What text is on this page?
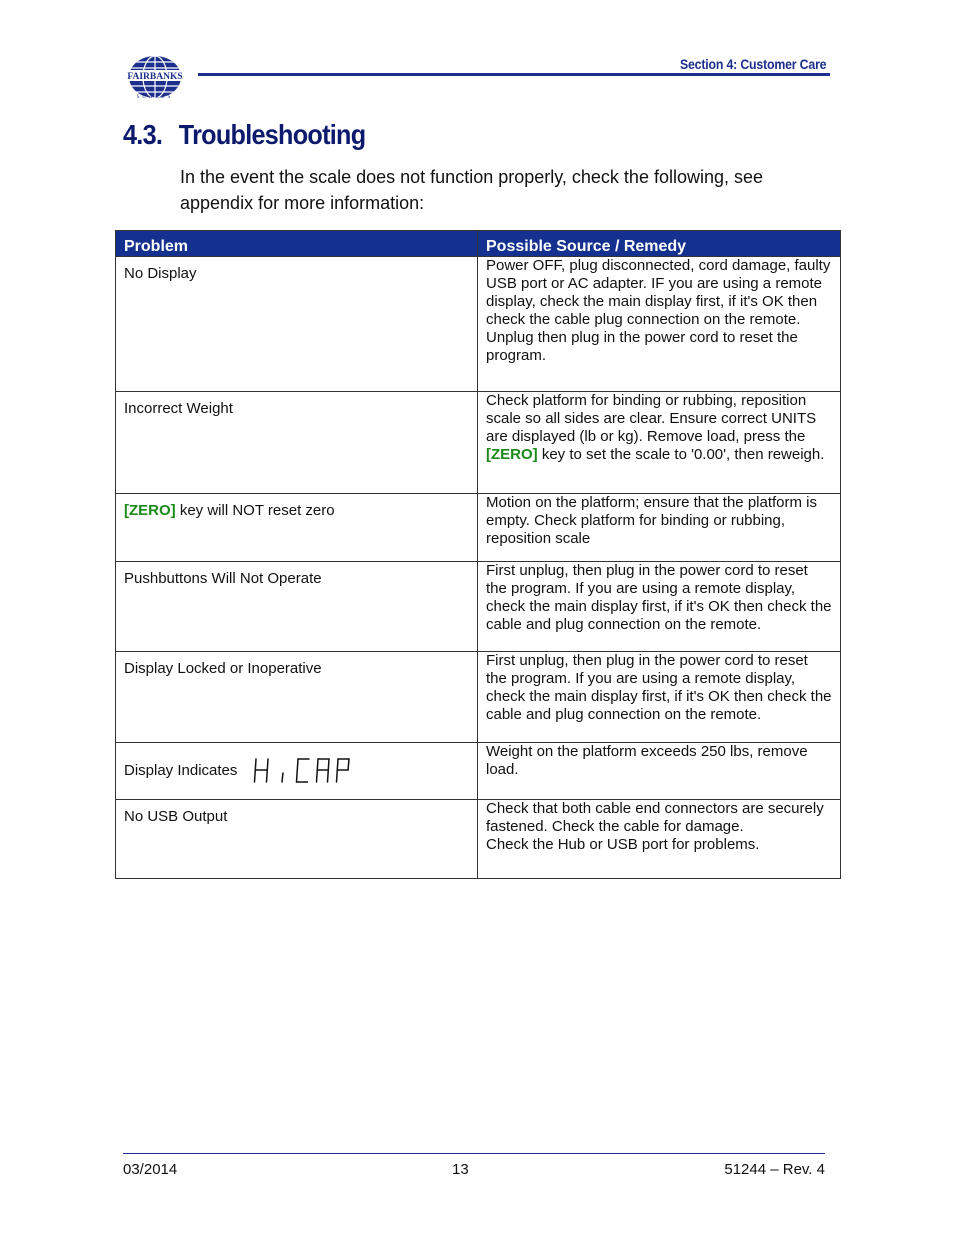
FAIRBANKS
SCALES
Section 4: Customer Care
4.3. Troubleshooting
In the event the scale does not function properly, check the following, see appendix for more information:
Problem	Possible Source / Remedy
No Display	Power OFF, plug disconnected, cord damage, faulty USB port or AC adapter. IF you are using a remote display, check the main display first, if it's OK then check the cable plug connection on the remote.
Unplug then plug in the power cord to reset the program.

Incorrect Weight	Check platform for binding or rubbing, reposition scale so all sides are clear. Ensure correct UNITS are displayed (lb or kg). Remove load, press the [ZERO] key to set the scale to '0.00', then reweigh.
[ZERO] key will NOT reset zero	Motion on the platform; ensure that the platform is empty. Check platform for binding or rubbing, reposition scale
Pushbuttons Will Not Operate	First unplug, then plug in the power cord to reset the program. If you are using a remote display, check the main display first, if it's OK then check the cable and plug connection on the remote.
Display Locked or Inoperative	First unplug, then plug in the power cord to reset the program. If you are using a remote display, check the main display first, if it's OK then check the cable and plug connection on the remote.
Display Indicates	Weight on the platform exceeds 250 lbs, remove load.
No USB Output	Check that both cable end connectors are securely fastened. Check the cable for damage.
Check the Hub or USB port for problems.
03/2014	13	51244 – Rev. 4
